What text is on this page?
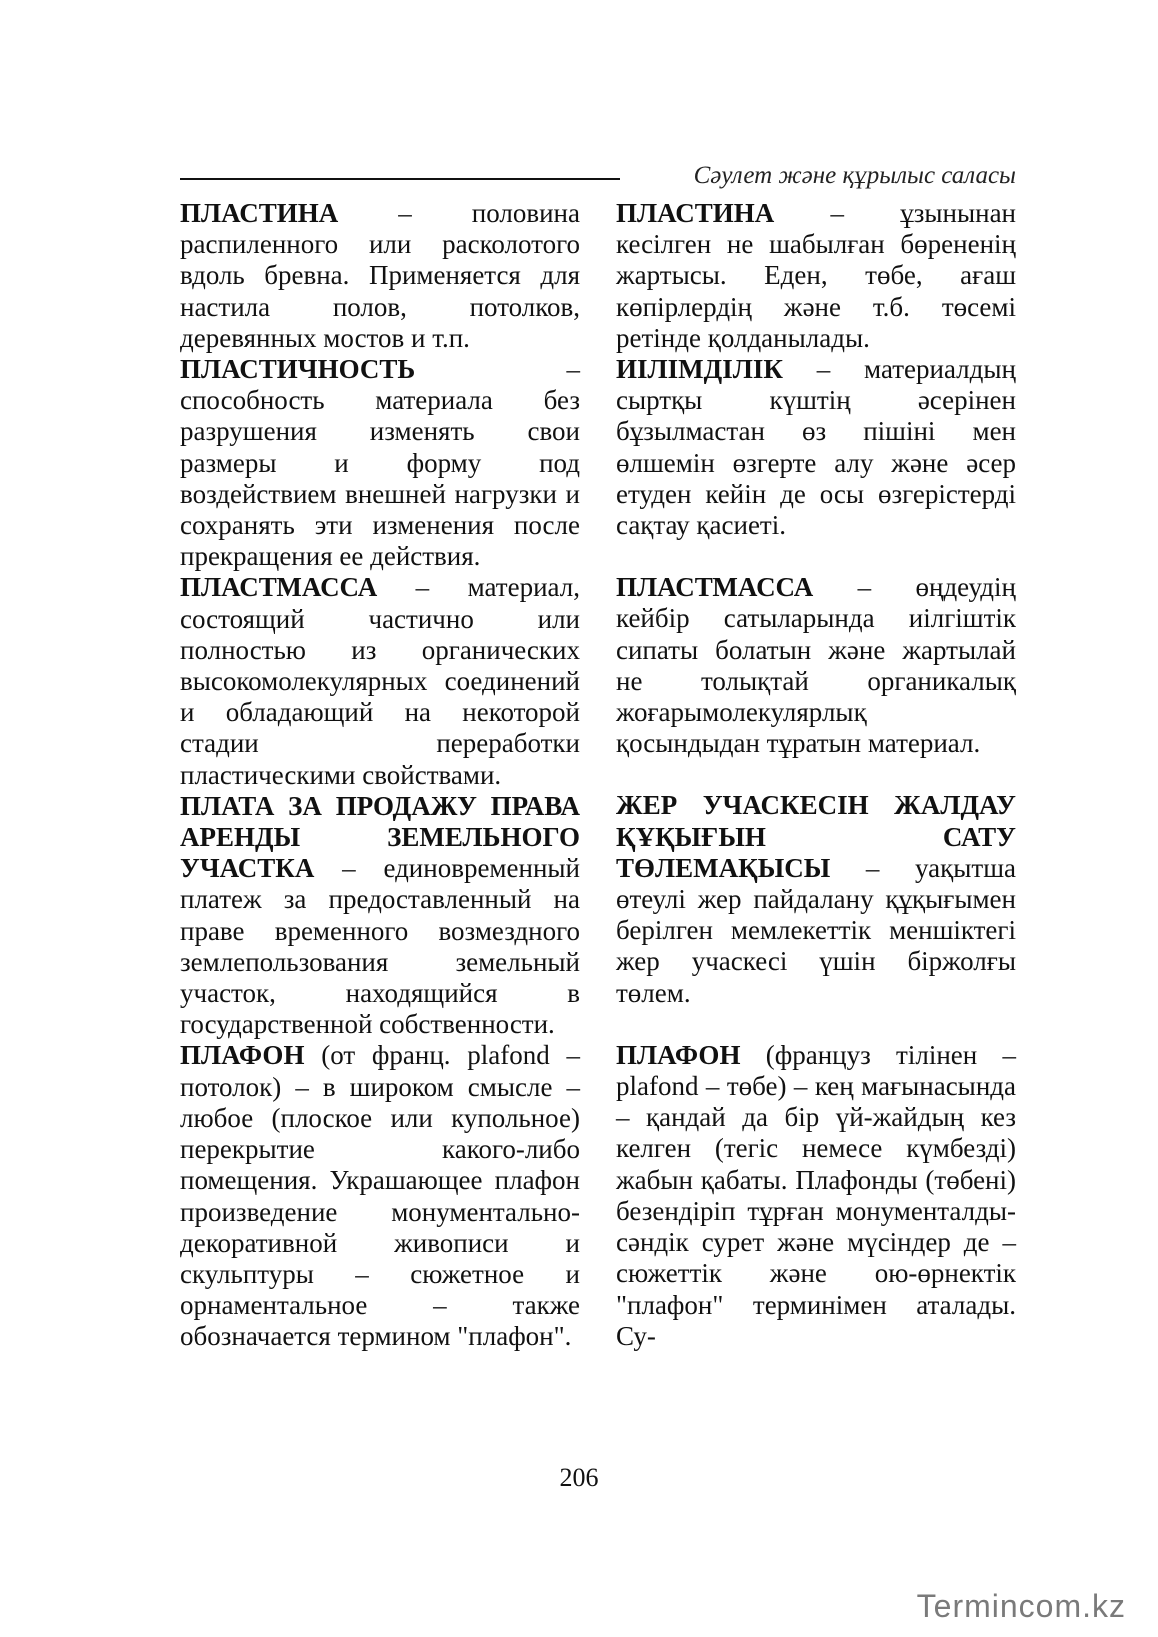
Сәулет және құрылыс саласы

ПЛАСТИНА – половина распиленного или расколотого вдоль бревна. Применяется для настила полов, потолков, деревянных мостов и т.п.

ПЛАСТИЧНОСТЬ – способность материала без разрушения изменять свои размеры и форму под воздействием внешней нагрузки и сохранять эти изменения после прекращения ее действия.

ПЛАСТМАССА – материал, состоящий частично или полностью из органических высокомолекулярных соединений и обладающий на некоторой стадии переработки пластическими свойствами.

ПЛАТА ЗА ПРОДАЖУ ПРАВА АРЕНДЫ ЗЕМЕЛЬНОГО УЧАСТКА – единовременный платеж за предоставленный на праве временного возмездного землепользования земельный участок, находящийся в государственной собственности.

ПЛАФОН (от франц. plafond – потолок) – в широком смысле – любое (плоское или купольное) перекрытие какого-либо помещения. Украшающее плафон произведение монументально-декоративной живописи и скульптуры – сюжетное и орнаментальное – также обозначается термином "плафон".

ПЛАСТИНА – ұзынынан кесілген не шабылған бөрененің жартысы. Еден, төбе, ағаш көпірлердің және т.б. төсемі ретінде қолданылады.

ИІЛІМДІЛІК – материалдың сыртқы күштің әсерінен бұзылмастан өз пішіні мен өлшемін өзгерте алу және әсер етуден кейін де осы өзгерістерді сақтау қасиеті.

ПЛАСТМАССА – өңдеудің кейбір сатыларында иілгіштік сипаты болатын және жартылай не толықтай органикалық жоғарымолекулярлық қосындыдан тұратын материал.

ЖЕР УЧАСКЕСІН ЖАЛДАУ ҚҰҚЫҒЫН САТУ ТӨЛЕМАҚЫСЫ – уақытша өтеулі жер пайдалану құқығымен берілген мемлекеттік меншіктегі жер учаскесі үшін біржолғы төлем.

ПЛАФОН (француз тілінен – plafond – төбе) – кең мағынасында – қандай да бір үй-жайдың кез келген (тегіс немесе күмбезді) жабын қабаты. Плафонды (төбені) безендіріп тұрған монументалды-сәндік сурет және мүсіндер де – сюжеттік және ою-өрнектік "плафон" терминімен аталады. Су-

206
Termincom.kz
